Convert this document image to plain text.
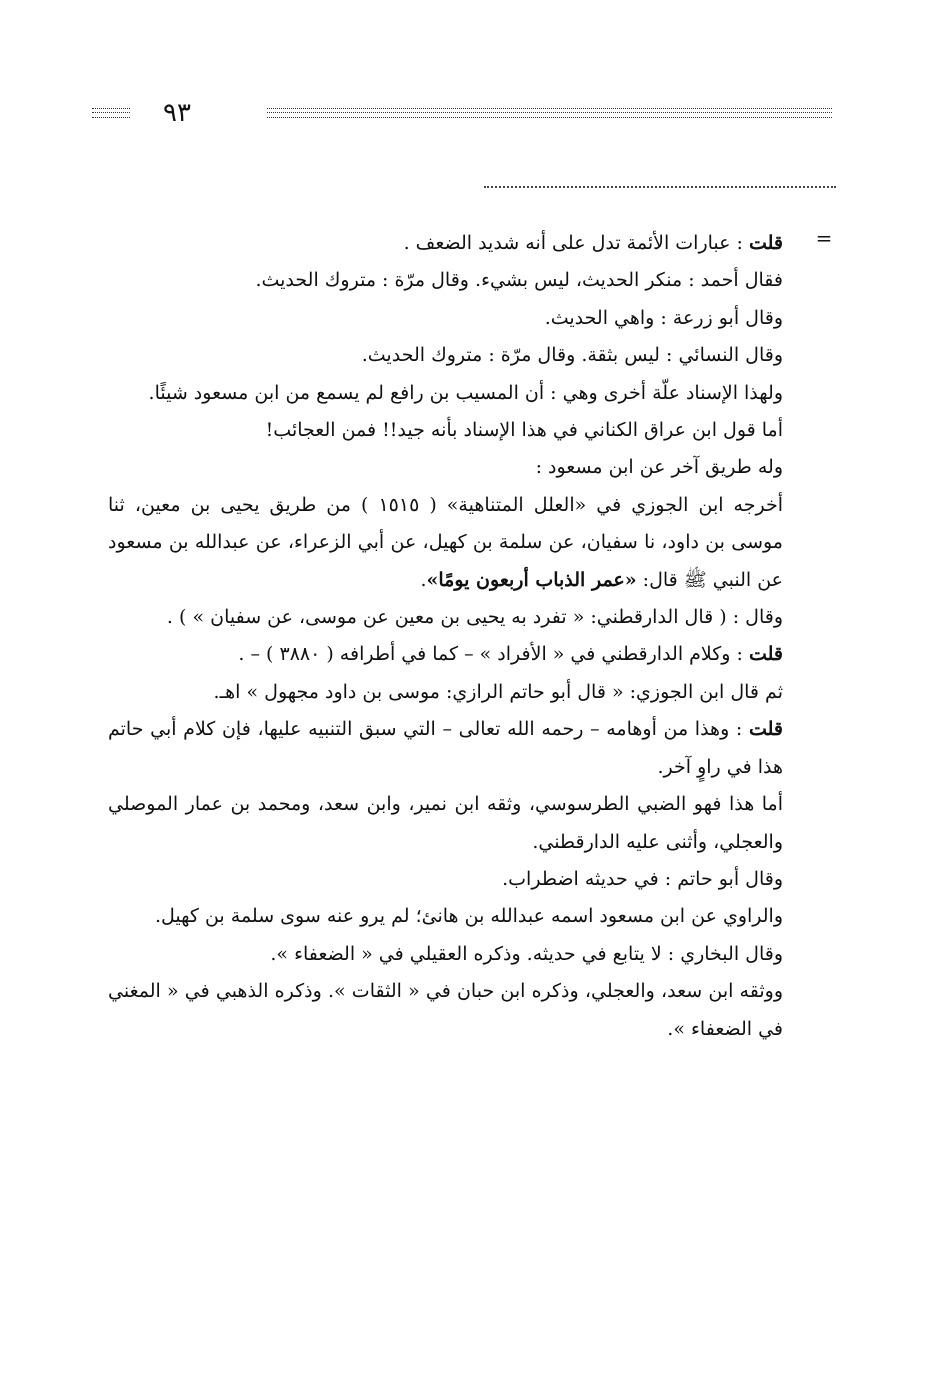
٩٣
=

قلت : عبارات الأئمة تدل على أنه شديد الضعف .

فقال أحمد : منكر الحديث، ليس بشيء. وقال مرّة : متروك الحديث.

وقال أبو زرعة : واهي الحديث.

وقال النسائي : ليس بثقة. وقال مرّة : متروك الحديث.

ولهذا الإسناد علّة أخرى وهي : أن المسيب بن رافع لم يسمع من ابن مسعود شيئًا.

أما قول ابن عراق الكناني في هذا الإسناد بأنه جيد!! فمن العجائب!

وله طريق آخر عن ابن مسعود :

أخرجه ابن الجوزي في «العلل المتناهية» ( ١٥١٥ ) من طريق يحيى بن معين، ثنا موسى بن داود، نا سفيان، عن سلمة بن كهيل، عن أبي الزعراء، عن عبدالله بن مسعود عن النبي ﷺ قال: «عمر الذباب أربعون يومًا».

وقال : ( قال الدارقطني: « تفرد به يحيى بن معين عن موسى، عن سفيان » ) .

قلت : وكلام الدارقطني في « الأفراد » – كما في أطرافه ( ٣٨٨٠ ) – .

ثم قال ابن الجوزي: « قال أبو حاتم الرازي: موسى بن داود مجهول » اهـ.

قلت : وهذا من أوهامه – رحمه الله تعالى – التي سبق التنبيه عليها، فإن كلام أبي حاتم هذا في راوٍ آخر.

أما هذا فهو الضبي الطرسوسي، وثقه ابن نمير، وابن سعد، ومحمد بن عمار الموصلي والعجلي، وأثنى عليه الدارقطني.

وقال أبو حاتم : في حديثه اضطراب.

والراوي عن ابن مسعود اسمه عبدالله بن هانئ؛ لم يرو عنه سوى سلمة بن كهيل.

وقال البخاري : لا يتابع في حديثه. وذكره العقيلي في « الضعفاء ».

ووثقه ابن سعد، والعجلي، وذكره ابن حبان في « الثقات ». وذكره الذهبي في « المغني في الضعفاء ».
